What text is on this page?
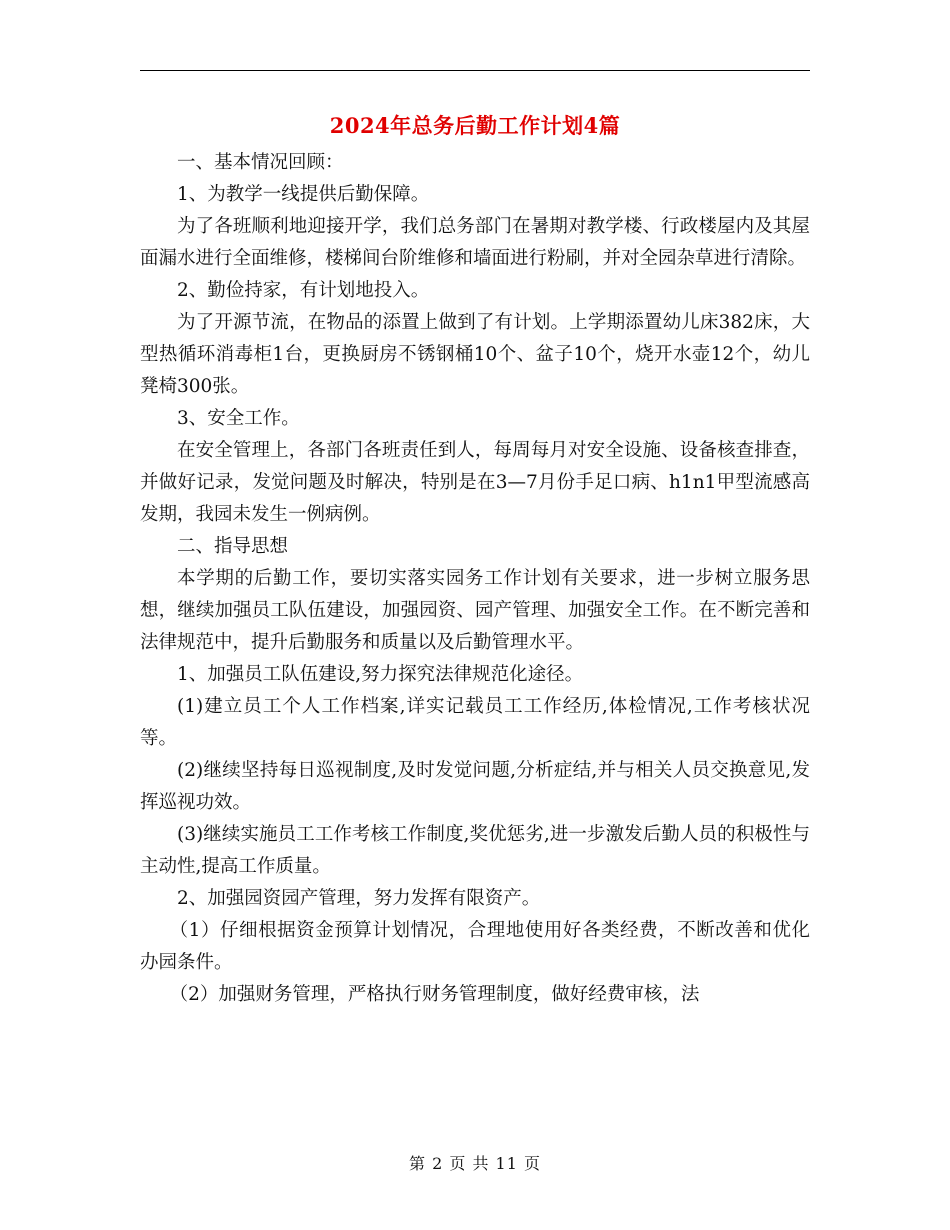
2024年总务后勤工作计划4篇

一、基本情况回顾：

1、为教学一线提供后勤保障。

为了各班顺利地迎接开学，我们总务部门在暑期对教学楼、行政楼屋内及其屋面漏水进行全面维修，楼梯间台阶维修和墙面进行粉刷，并对全园杂草进行清除。

2、勤俭持家，有计划地投入。

为了开源节流，在物品的添置上做到了有计划。上学期添置幼儿床382床，大型热循环消毒柜1台，更换厨房不锈钢桶10个、盆子10个，烧开水壶12个，幼儿凳椅300张。

3、安全工作。

在安全管理上，各部门各班责任到人，每周每月对安全设施、设备核查排查，并做好记录，发觉问题及时解决，特别是在3—7月份手足口病、h1n1甲型流感高发期，我园未发生一例病例。

二、指导思想

本学期的后勤工作，要切实落实园务工作计划有关要求，进一步树立服务思想，继续加强员工队伍建设，加强园资、园产管理、加强安全工作。在不断完善和法律规范中，提升后勤服务和质量以及后勤管理水平。

1、加强员工队伍建设,努力探究法律规范化途径。

(1)建立员工个人工作档案,详实记载员工工作经历,体检情况,工作考核状况等。

(2)继续坚持每日巡视制度,及时发觉问题,分析症结,并与相关人员交换意见,发挥巡视功效。

(3)继续实施员工工作考核工作制度,奖优惩劣,进一步激发后勤人员的积极性与主动性,提高工作质量。

2、加强园资园产管理，努力发挥有限资产。

（1）仔细根据资金预算计划情况，合理地使用好各类经费，不断改善和优化办园条件。

（2）加强财务管理，严格执行财务管理制度，做好经费审核，法

第 2 页 共 11 页
